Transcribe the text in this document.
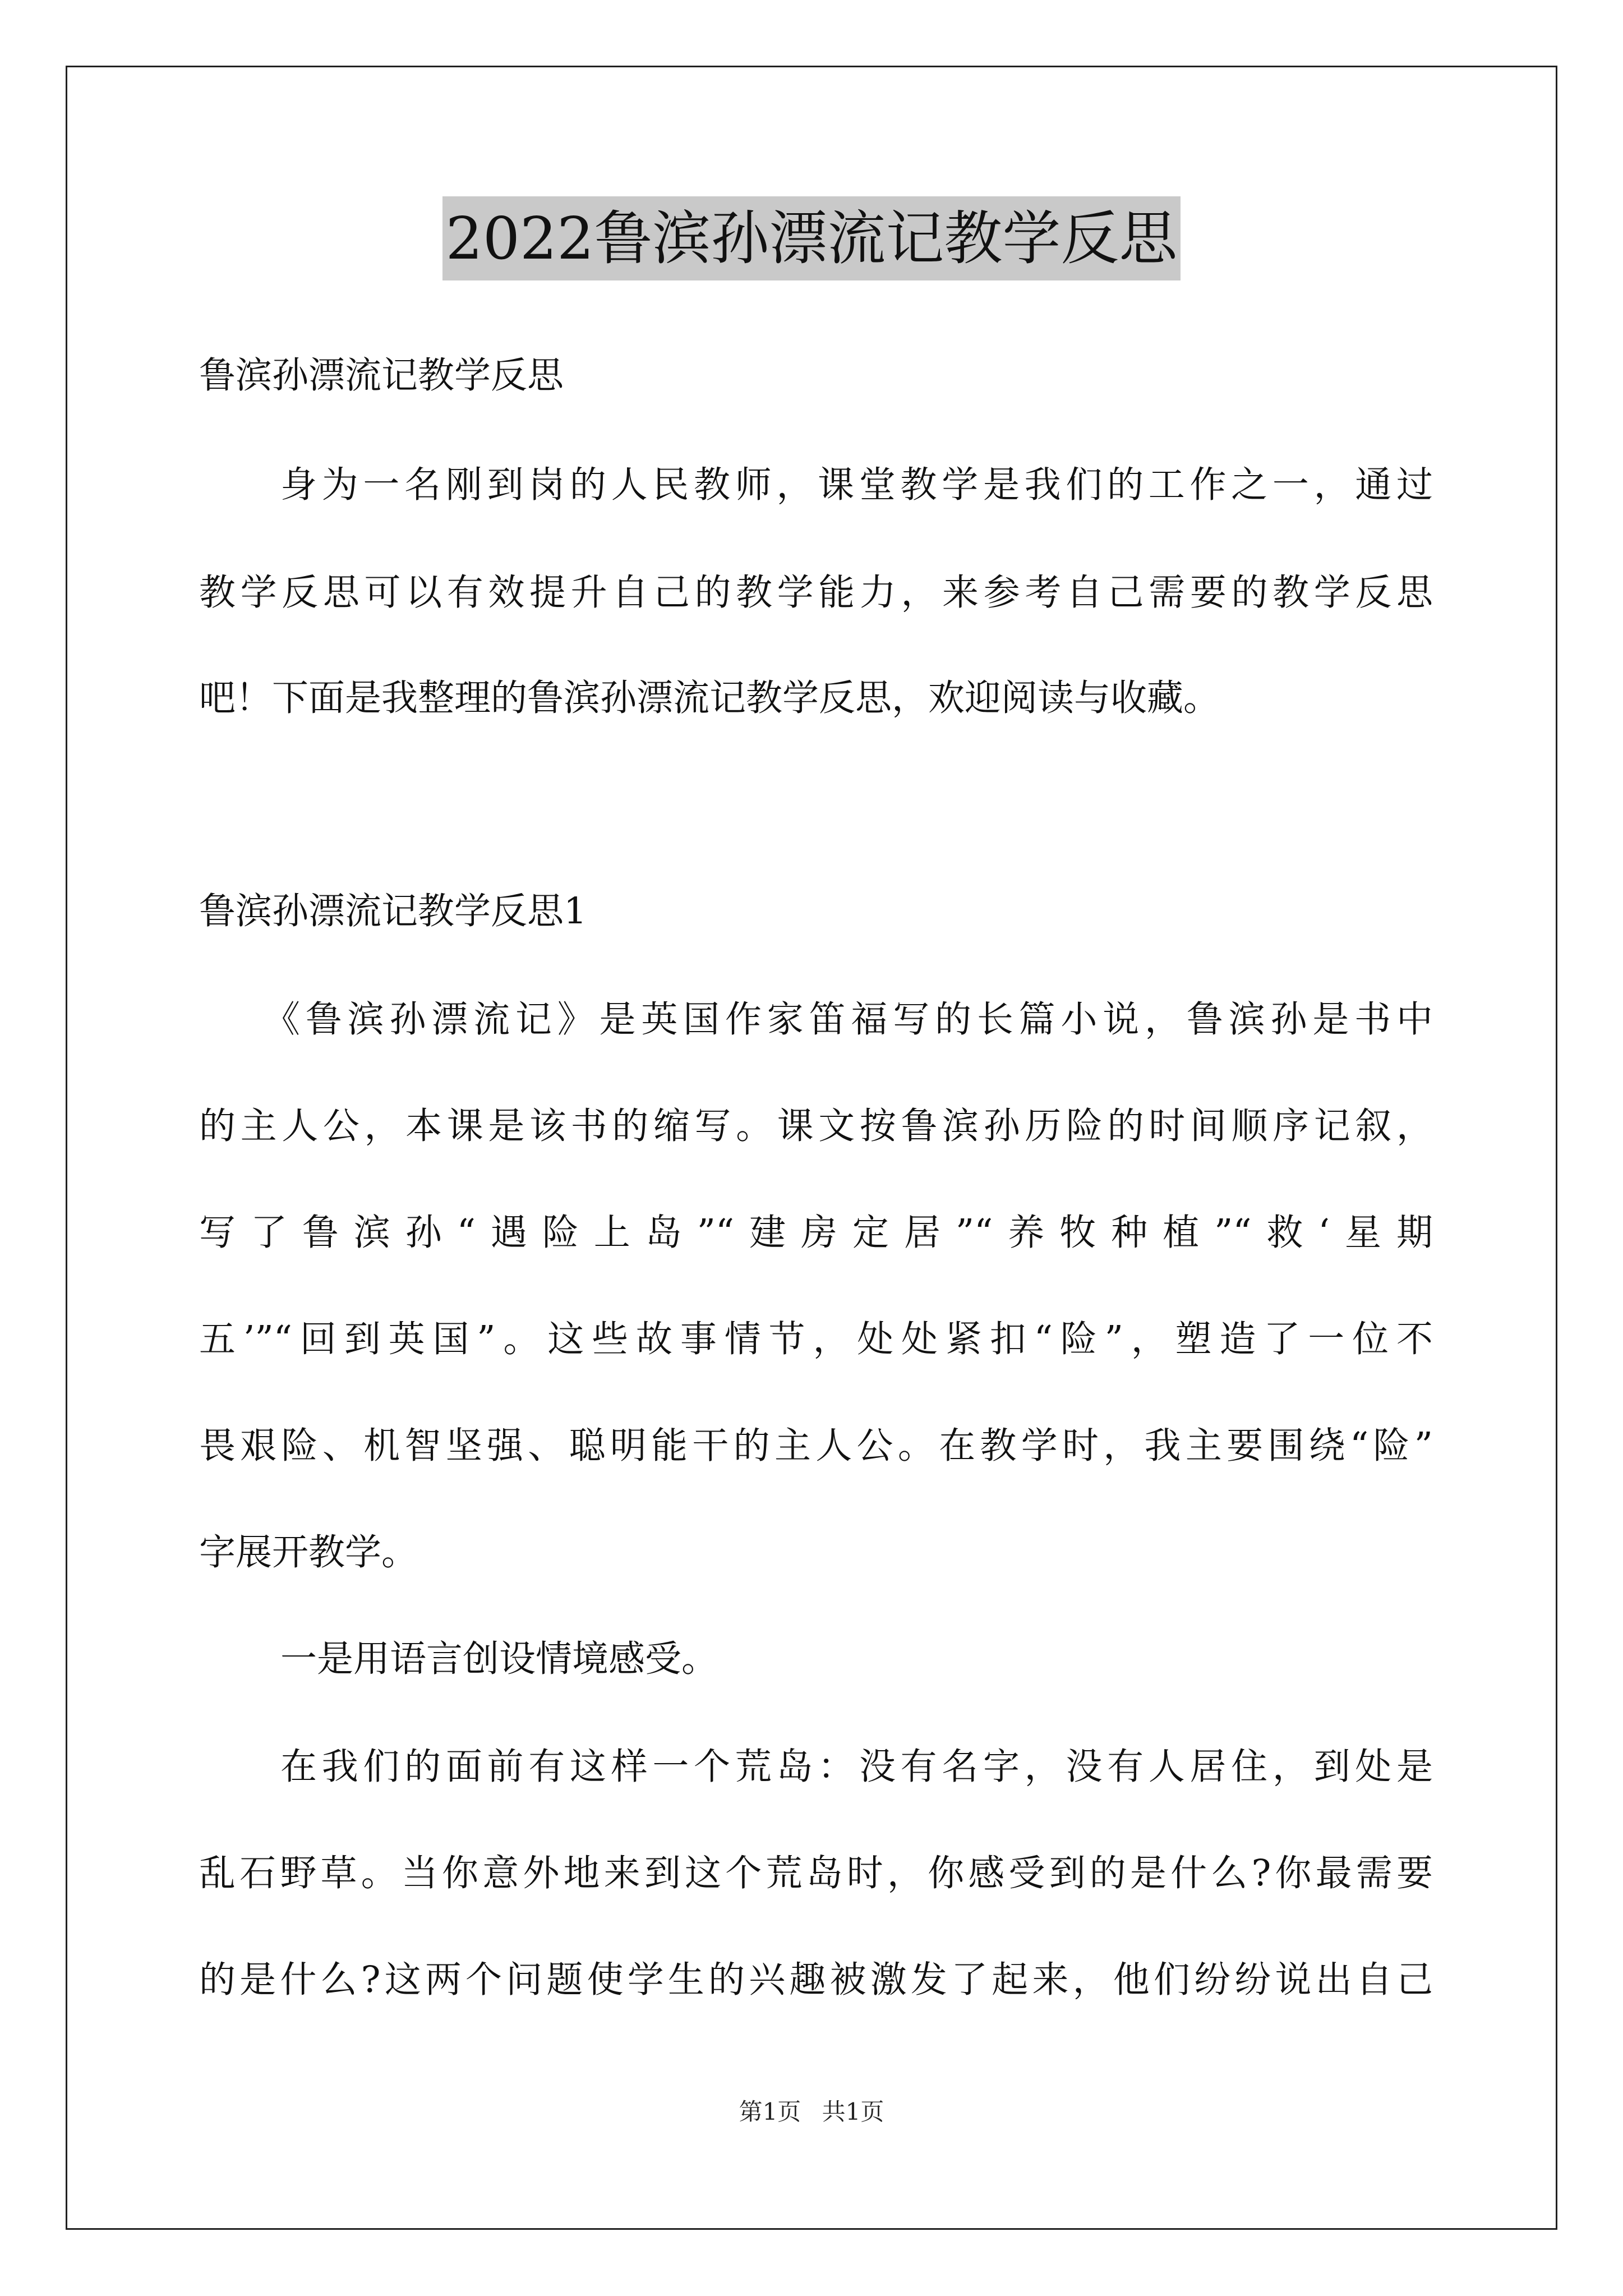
2022鲁滨孙漂流记教学反思
鲁滨孙漂流记教学反思
身为一名刚到岗的人民教师，课堂教学是我们的工作之一，通过
教学反思可以有效提升自己的教学能力，来参考自己需要的教学反思
吧！下面是我整理的鲁滨孙漂流记教学反思，欢迎阅读与收藏。
鲁滨孙漂流记教学反思1
《鲁滨孙漂流记》是英国作家笛福写的长篇小说，鲁滨孙是书中
的主人公，本课是该书的缩写。课文按鲁滨孙历险的时间顺序记叙，
写了鲁滨孙“遇险上岛”“建房定居”“养牧种植”“救‘星期
五’”“回到英国”。这些故事情节，处处紧扣“险”，塑造了一位不
畏艰险、机智坚强、聪明能干的主人公。在教学时，我主要围绕“险”
字展开教学。
一是用语言创设情境感受。
在我们的面前有这样一个荒岛：没有名字，没有人居住，到处是
乱石野草。当你意外地来到这个荒岛时，你感受到的是什么?你最需要
的是什么?这两个问题使学生的兴趣被激发了起来，他们纷纷说出自己
第1页 共1页
